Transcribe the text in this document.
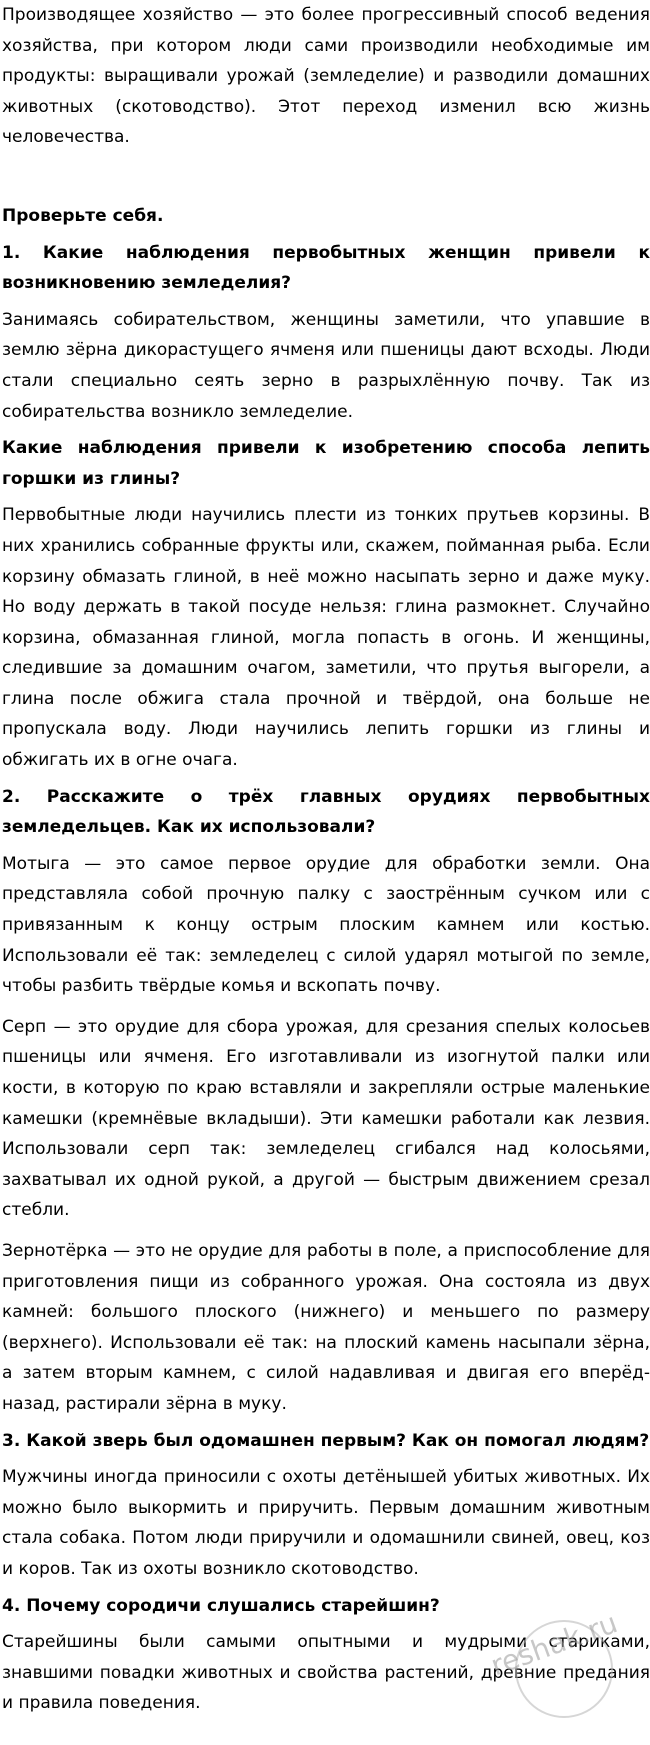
Производящее хозяйство — это более прогрессивный способ ведения хозяйства, при котором люди сами производили необходимые им продукты: выращивали урожай (земледелие) и разводили домашних животных (скотоводство). Этот переход изменил всю жизнь человечества.

Проверьте себя.

1. Какие наблюдения первобытных женщин привели к возникновению земледелия?

Занимаясь собирательством, женщины заметили, что упавшие в землю зёрна дикорастущего ячменя или пшеницы дают всходы. Люди стали специально сеять зерно в разрыхлённую почву. Так из собирательства возникло земледелие.

Какие наблюдения привели к изобретению способа лепить горшки из глины?

Первобытные люди научились плести из тонких прутьев корзины. В них хранились собранные фрукты или, скажем, пойманная рыба. Если корзину обмазать глиной, в неё можно насыпать зерно и даже муку. Но воду держать в такой посуде нельзя: глина размокнет. Случайно корзина, обмазанная глиной, могла попасть в огонь. И женщины, следившие за домашним очагом, заметили, что прутья выгорели, а глина после обжига стала прочной и твёрдой, она больше не пропускала воду. Люди научились лепить горшки из глины и обжигать их в огне очага.

2. Расскажите о трёх главных орудиях первобытных земледельцев. Как их использовали?

Мотыга — это самое первое орудие для обработки земли. Она представляла собой прочную палку с заострённым сучком или с привязанным к концу острым плоским камнем или костью. Использовали её так: земледелец с силой ударял мотыгой по земле, чтобы разбить твёрдые комья и вскопать почву.

Серп — это орудие для сбора урожая, для срезания спелых колосьев пшеницы или ячменя. Его изготавливали из изогнутой палки или кости, в которую по краю вставляли и закрепляли острые маленькие камешки (кремнёвые вкладыши). Эти камешки работали как лезвия. Использовали серп так: земледелец сгибался над колосьями, захватывал их одной рукой, а другой — быстрым движением срезал стебли.

Зернотёрка — это не орудие для работы в поле, а приспособление для приготовления пищи из собранного урожая. Она состояла из двух камней: большого плоского (нижнего) и меньшего по размеру (верхнего). Использовали её так: на плоский камень насыпали зёрна, а затем вторым камнем, с силой надавливая и двигая его вперёд-назад, растирали зёрна в муку.

3. Какой зверь был одомашнен первым? Как он помогал людям?

Мужчины иногда приносили с охоты детёнышей убитых животных. Их можно было выкормить и приручить. Первым домашним животным стала собака. Потом люди приручили и одомашнили свиней, овец, коз и коров. Так из охоты возникло скотоводство.

4. Почему сородичи слушались старейшин?

Старейшины были самыми опытными и мудрыми стариками, знавшими повадки животных и свойства растений, древние предания и правила поведения.

reshak.ru
